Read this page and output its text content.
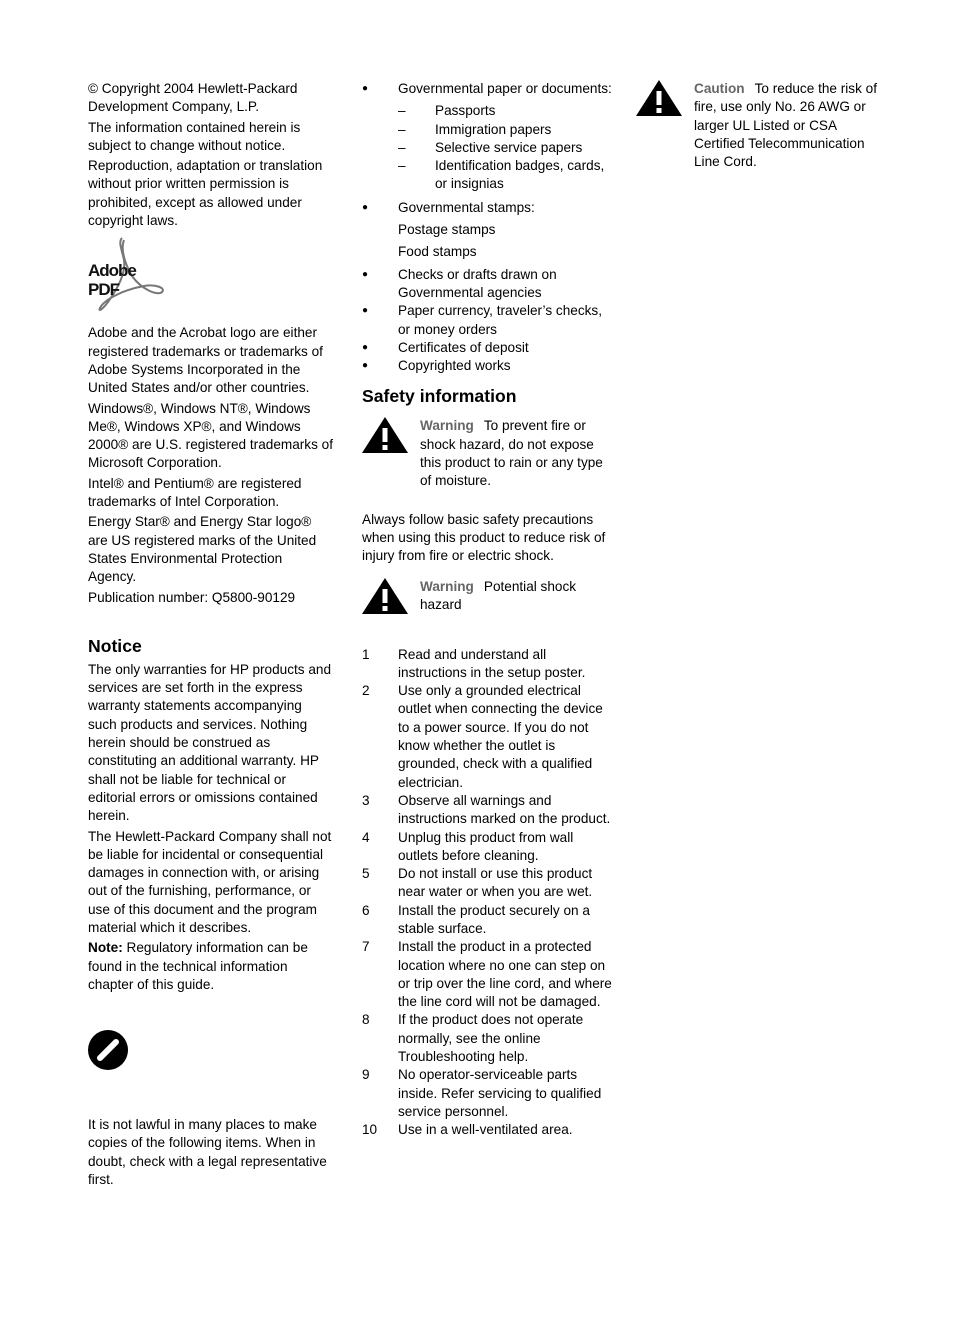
© Copyright 2004 Hewlett-Packard Development Company, L.P.

The information contained herein is subject to change without notice.

Reproduction, adaptation or translation without prior written permission is prohibited, except as allowed under copyright laws.

Adobe PDF

Adobe and the Acrobat logo are either registered trademarks or trademarks of Adobe Systems Incorporated in the United States and/or other countries.

Windows®, Windows NT®, Windows Me®, Windows XP®, and Windows 2000® are U.S. registered trademarks of Microsoft Corporation.

Intel® and Pentium® are registered trademarks of Intel Corporation.

Energy Star® and Energy Star logo® are US registered marks of the United States Environmental Protection Agency.

Publication number: Q5800-90129

Notice

The only warranties for HP products and services are set forth in the express warranty statements accompanying such products and services. Nothing herein should be construed as constituting an additional warranty. HP shall not be liable for technical or editorial errors or omissions contained herein.

The Hewlett-Packard Company shall not be liable for incidental or consequential damages in connection with, or arising out of the furnishing, performance, or use of this document and the program material which it describes.

Note: Regulatory information can be found in the technical information chapter of this guide.

It is not lawful in many places to make copies of the following items. When in doubt, check with a legal representative first.

● Governmental paper or documents:
– Passports
– Immigration papers
– Selective service papers
– Identification badges, cards, or insignias
● Governmental stamps:

Postage stamps

Food stamps

● Checks or drafts drawn on Governmental agencies
● Paper currency, traveler’s checks, or money orders
● Certificates of deposit
● Copyrighted works
Safety information
Warning To prevent fire or shock hazard, do not expose this product to rain or any type of moisture.

Always follow basic safety precautions when using this product to reduce risk of injury from fire or electric shock.

Warning Potential shock hazard
1 Read and understand all instructions in the setup poster.
2 Use only a grounded electrical outlet when connecting the device to a power source. If you do not know whether the outlet is grounded, check with a qualified electrician.
3 Observe all warnings and instructions marked on the product.
4 Unplug this product from wall outlets before cleaning.
5 Do not install or use this product near water or when you are wet.
6 Install the product securely on a stable surface.
7 Install the product in a protected location where no one can step on or trip over the line cord, and where the line cord will not be damaged.
8 If the product does not operate normally, see the online Troubleshooting help.
9 No operator-serviceable parts inside. Refer servicing to qualified service personnel.
10 Use in a well-ventilated area.
Caution To reduce the risk of fire, use only No. 26 AWG or larger UL Listed or CSA Certified Telecommunication Line Cord.
